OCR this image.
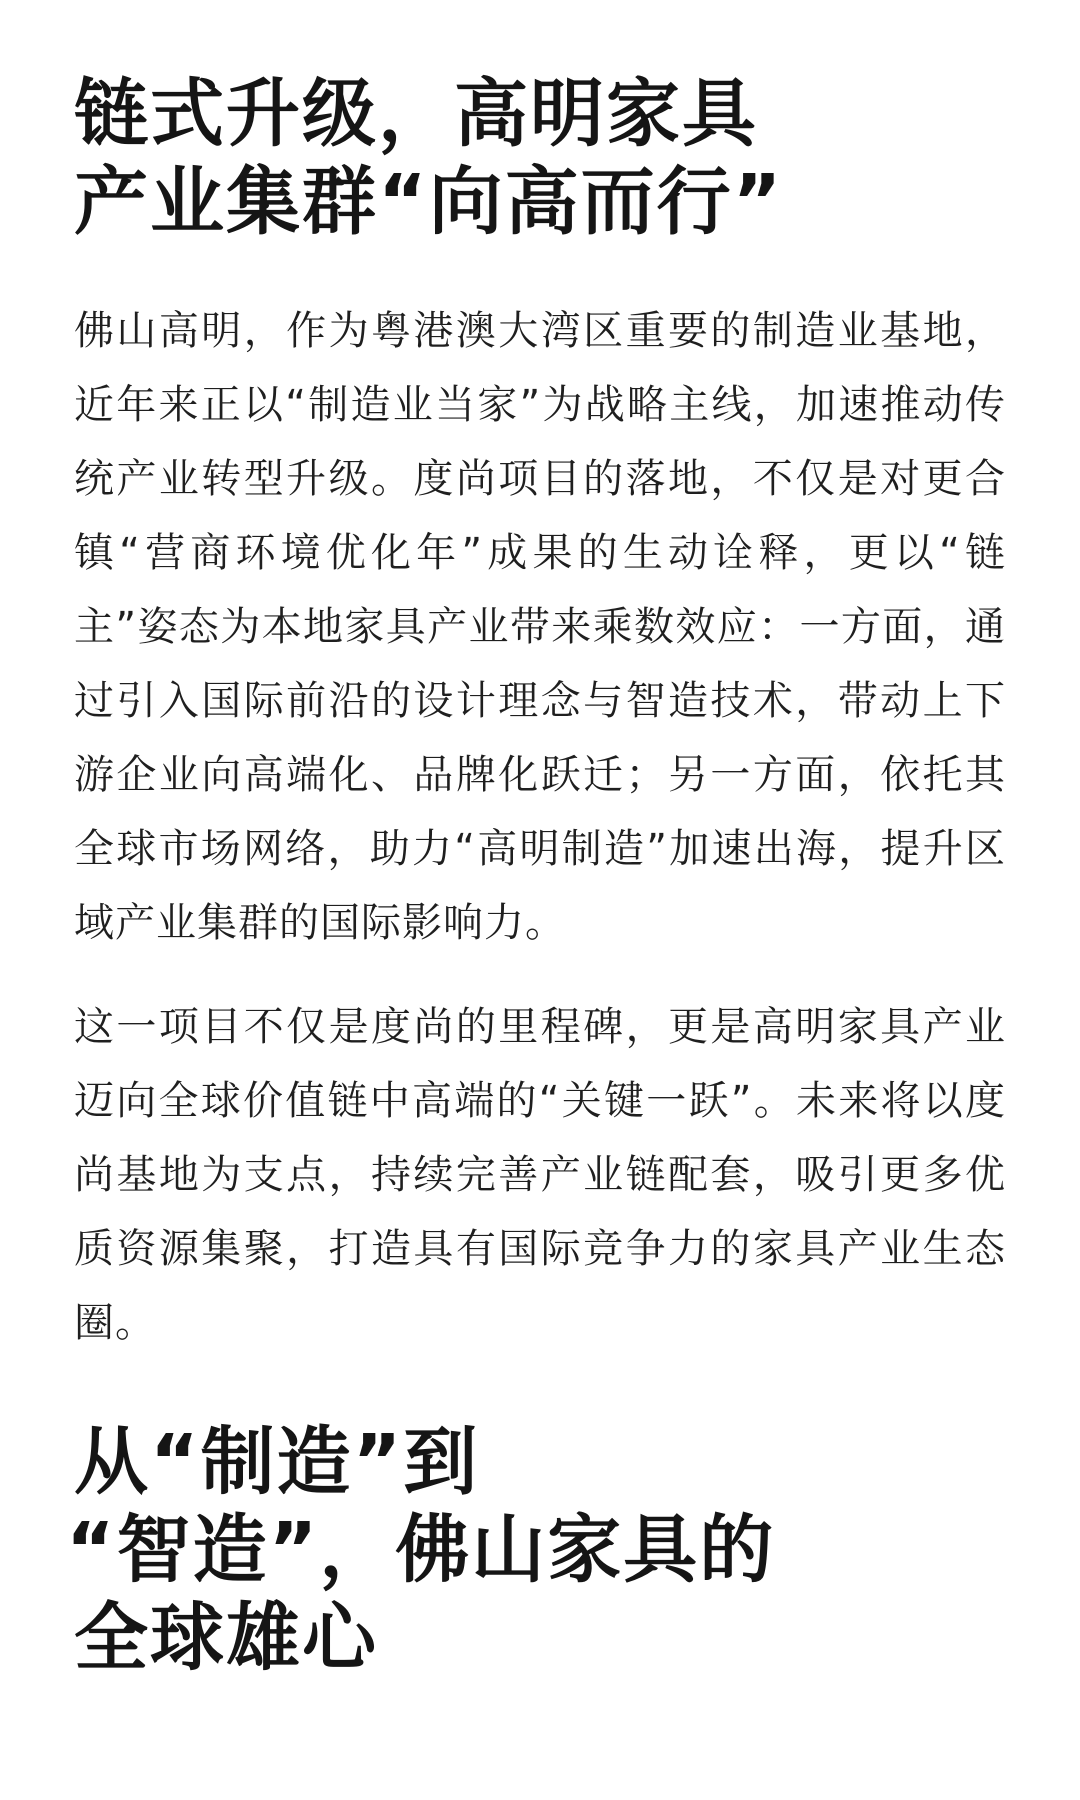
链式升级，高明家具
产业集群“向高而行”

佛山高明，作为粤港澳大湾区重要的制造业基地，近年来正以“制造业当家”为战略主线，加速推动传统产业转型升级。度尚项目的落地，不仅是对更合镇“营商环境优化年”成果的生动诠释，更以“链主”姿态为本地家具产业带来乘数效应：一方面，通过引入国际前沿的设计理念与智造技术，带动上下游企业向高端化、品牌化跃迁；另一方面，依托其全球市场网络，助力“高明制造”加速出海，提升区域产业集群的国际影响力。

这一项目不仅是度尚的里程碑，更是高明家具产业迈向全球价值链中高端的“关键一跃”。未来将以度尚基地为支点，持续完善产业链配套，吸引更多优质资源集聚，打造具有国际竞争力的家具产业生态圈。

从“制造”到
“智造”，佛山家具的
全球雄心
